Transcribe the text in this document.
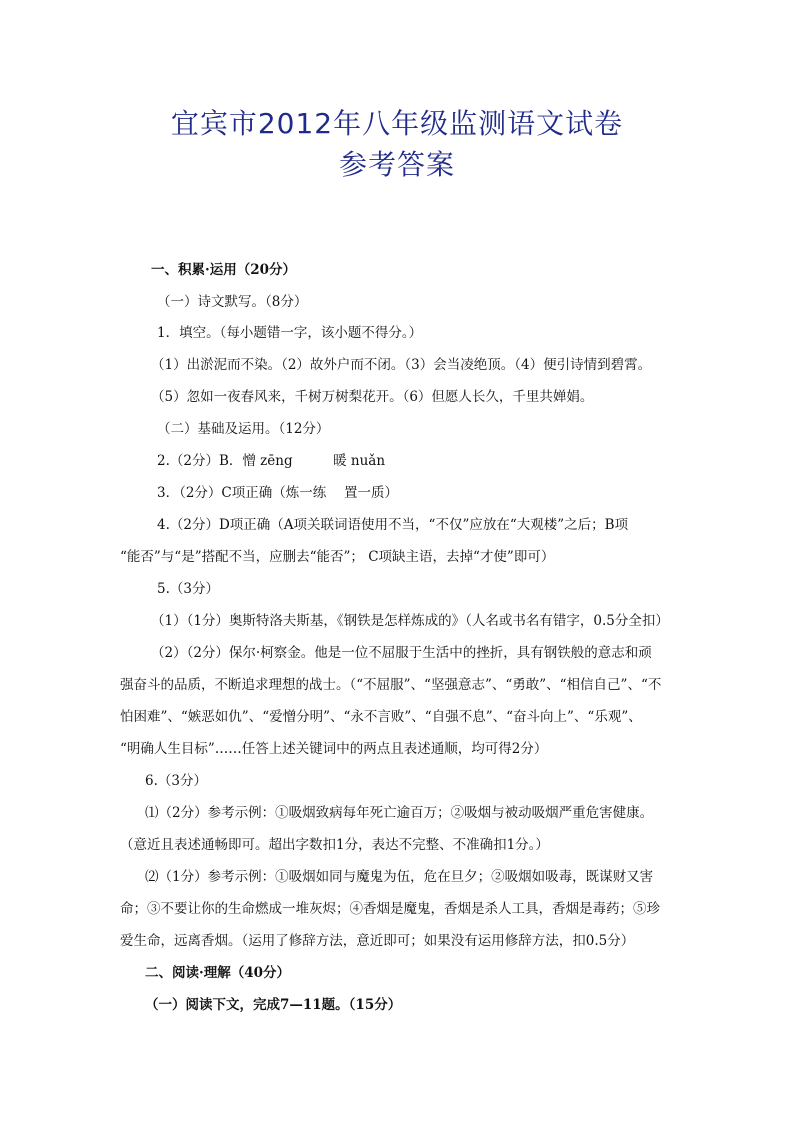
宜宾市2012年八年级监测语文试卷
参考答案
一、积累·运用（20分）
（一）诗文默写。（8分）
1．填空。（每小题错一字，该小题不得分。）
（1）出淤泥而不染。（2）故外户而不闭。（3）会当凌绝顶。（4）便引诗情到碧霄。
（5）忽如一夜春风来，千树万树梨花开。（6）但愿人长久，千里共婵娟。
（二）基础及运用。（12分）
2.（2分）B．憎 zēng　　　暖 nuǎn
3．（2分）C项正确（炼一练　 置一质）
4.（2分）D项正确（A项关联词语使用不当，“不仅”应放在“大观楼”之后；B项
“能否”与“是”搭配不当，应删去“能否”； C项缺主语，去掉“才使”即可）
5.（3分）
（1）（1分）奥斯特洛夫斯基，《钢铁是怎样炼成的》（人名或书名有错字，0.5分全扣）
（2）（2分）保尔·柯察金。他是一位不屈服于生活中的挫折，具有钢铁般的意志和顽
强奋斗的品质，不断追求理想的战士。（“不屈服”、“坚强意志”、“勇敢”、“相信自己”、“不
怕困难”、“嫉恶如仇”、“爱憎分明”、“永不言败”、“自强不息”、“奋斗向上”、“乐观”、
“明确人生目标”……任答上述关键词中的两点且表述通顺，均可得2分）
6.（3分）
⑴（2分）参考示例：①吸烟致病每年死亡逾百万；②吸烟与被动吸烟严重危害健康。
（意近且表述通畅即可。超出字数扣1分，表达不完整、不准确扣1分。）
⑵（1分）参考示例：①吸烟如同与魔鬼为伍，危在旦夕；②吸烟如吸毒，既谋财又害
命；③不要让你的生命燃成一堆灰烬；④香烟是魔鬼，香烟是杀人工具，香烟是毒药；⑤珍
爱生命，远离香烟。（运用了修辞方法，意近即可；如果没有运用修辞方法，扣0.5分）
二、阅读·理解（40分）
（一）阅读下文，完成7—11题。（15分）
